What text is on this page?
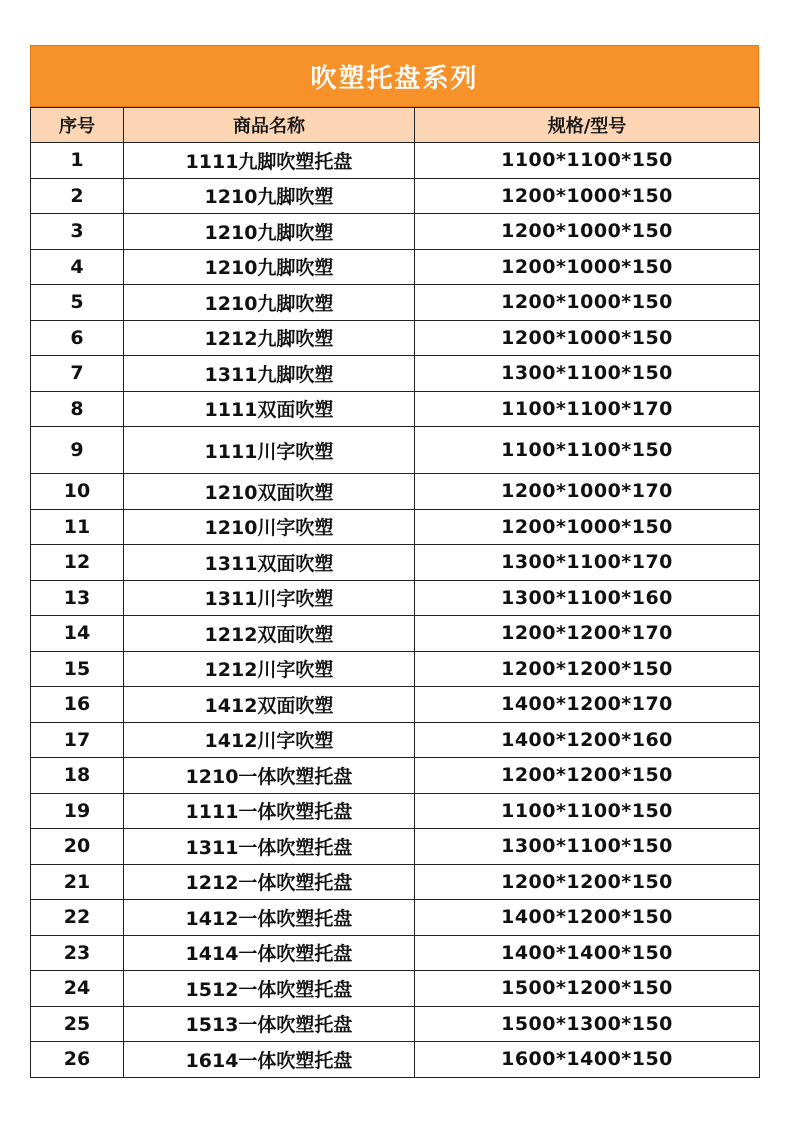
吹塑托盘系列
序号	商品名称	规格/型号
1	1111九脚吹塑托盘	1100*1100*150
2	1210九脚吹塑	1200*1000*150
3	1210九脚吹塑	1200*1000*150
4	1210九脚吹塑	1200*1000*150
5	1210九脚吹塑	1200*1000*150
6	1212九脚吹塑	1200*1000*150
7	1311九脚吹塑	1300*1100*150
8	1111双面吹塑	1100*1100*170
9	1111川字吹塑	1100*1100*150
10	1210双面吹塑	1200*1000*170
11	1210川字吹塑	1200*1000*150
12	1311双面吹塑	1300*1100*170
13	1311川字吹塑	1300*1100*160
14	1212双面吹塑	1200*1200*170
15	1212川字吹塑	1200*1200*150
16	1412双面吹塑	1400*1200*170
17	1412川字吹塑	1400*1200*160
18	1210一体吹塑托盘	1200*1200*150
19	1111一体吹塑托盘	1100*1100*150
20	1311一体吹塑托盘	1300*1100*150
21	1212一体吹塑托盘	1200*1200*150
22	1412一体吹塑托盘	1400*1200*150
23	1414一体吹塑托盘	1400*1400*150
24	1512一体吹塑托盘	1500*1200*150
25	1513一体吹塑托盘	1500*1300*150
26	1614一体吹塑托盘	1600*1400*150
